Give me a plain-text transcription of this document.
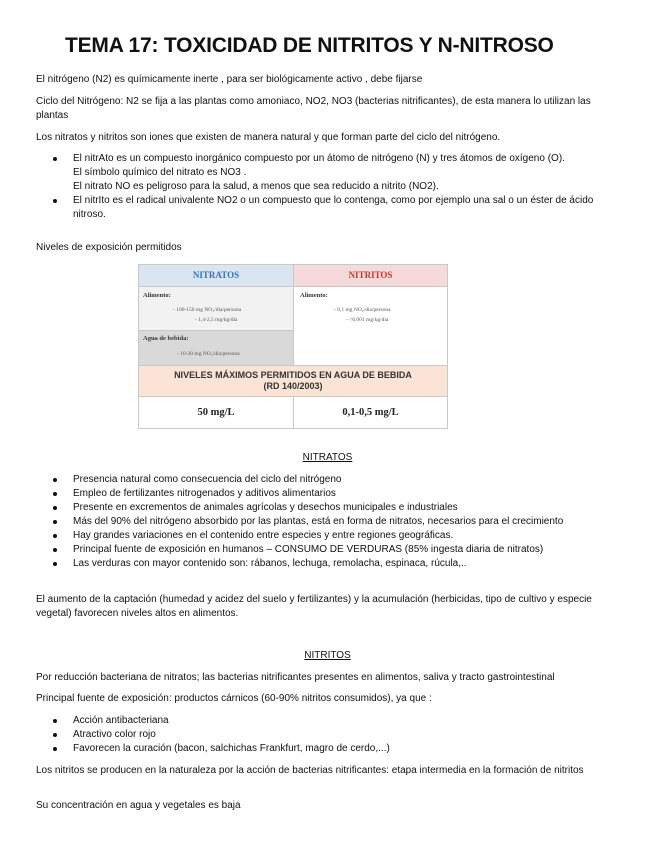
TEMA 17: TOXICIDAD DE NITRITOS Y N-NITROSO

El nitrógeno (N2) es químicamente inerte , para ser biológicamente activo , debe fijarse

Ciclo del Nitrógeno: N2 se fija a las plantas como amoniaco, NO2, NO3 (bacterias nitrificantes), de esta manera lo utilizan las plantas

Los nitratos y nitritos son iones que existen de manera natural y que forman parte del ciclo del nitrógeno.

El nitrAto es un compuesto inorgánico compuesto por un átomo de nitrógeno (N) y tres átomos de oxígeno (O).
El símbolo químico del nitrato es NO3 .
El nitrato NO es peligroso para la salud, a menos que sea reducido a nitrito (NO2).
El nitrIto es el radical univalente NO2 o un compuesto que lo contenga, como por ejemplo una sal o un éster de ácido nitroso.

Niveles de exposición permitidos

NITRATOS	NITRITOS
Alimento:
- 100-150 mg NO₃/dia/persona
- 1,4-2,5 mg/kg/dia
Agua de bebida:
- 10-20 mg NO₃/dia/persona
Alimento:
- 0,1 mg NO₂/dia/persona
- <0,001 mg/kg/dia
NIVELES MÁXIMOS PERMITIDOS EN AGUA DE BEBIDA
(RD 140/2003)
50 mg/L	0,1-0,5 mg/L

NITRATOS

Presencia natural como consecuencia del ciclo del nitrógeno
Empleo de fertilizantes nitrogenados y aditivos alimentarios
Presente en excrementos de animales agrícolas y desechos municipales e industriales
Más del 90% del nitrógeno absorbido por las plantas, está en forma de nitratos, necesarios para el crecimiento
Hay grandes variaciones en el contenido entre especies y entre regiones geográficas.
Principal fuente de exposición en humanos – CONSUMO DE VERDURAS (85% ingesta diaria de nitratos)
Las verduras con mayor contenido son: rábanos, lechuga, remolacha, espinaca, rúcula,..

El aumento de la captación (humedad y acidez del suelo y fertilizantes) y la acumulación (herbicidas, tipo de cultivo y especie vegetal) favorecen niveles altos en alimentos.

NITRITOS

Por reducción bacteriana de nitratos; las bacterias nitrificantes presentes en alimentos, saliva y tracto gastrointestinal

Principal fuente de exposición: productos cárnicos (60-90% nitritos consumidos), ya que :

Acción antibacteriana
Atractivo color rojo
Favorecen la curación (bacon, salchichas Frankfurt, magro de cerdo,...)

Los nitritos se producen en la naturaleza por la acción de bacterias nitrificantes: etapa intermedia en la formación de nitritos

Su concentración en agua y vegetales es baja
